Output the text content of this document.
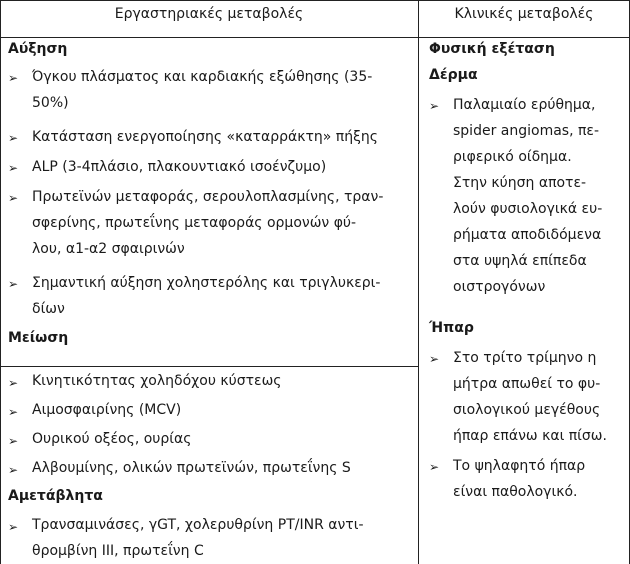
Εργαστηριακές μεταβολές	Κλινικές μεταβολές
Αύξηση
➢ Όγκου πλάσματος και καρδιακής εξώθησης (35-
50%)
➢ Κατάσταση ενεργοποίησης «καταρράκτη» πήξης
➢ ALP (3-4πλάσιο, πλακουντιακό ισοένζυμο)
➢ Πρωτεϊνών μεταφοράς, σερουλοπλασμίνης, τραν-
σφερίνης, πρωτεΐνης μεταφοράς ορμονών φύ-
λου, α1-α2 σφαιρινών
➢ Σημαντική αύξηση χοληστερόλης και τριγλυκερι-
δίων
Μείωση
➢ Κινητικότητας χοληδόχου κύστεως
➢ Αιμοσφαιρίνης (MCV)
➢ Ουρικού οξέος, ουρίας
➢ Αλβουμίνης, ολικών πρωτεϊνών, πρωτεΐνης S
Αμετάβλητα
➢ Τρανσαμινάσες, γGT, χολερυθρίνη PT/INR αντι-
θρομβίνη ΙΙΙ, πρωτεΐνη C
Φυσική εξέταση
Δέρμα
➢ Παλαμιαίο ερύθημα,
spider angiomas, πε-
ριφερικό οίδημα.
Στην κύηση αποτε-
λούν φυσιολογικά ευ-
ρήματα αποδιδόμενα
στα υψηλά επίπεδα
οιστρογόνων
Ήπαρ
➢ Στο τρίτο τρίμηνο η
μήτρα απωθεί το φυ-
σιολογικού μεγέθους
ήπαρ επάνω και πίσω.
➢ Το ψηλαφητό ήπαρ
είναι παθολογικό.
